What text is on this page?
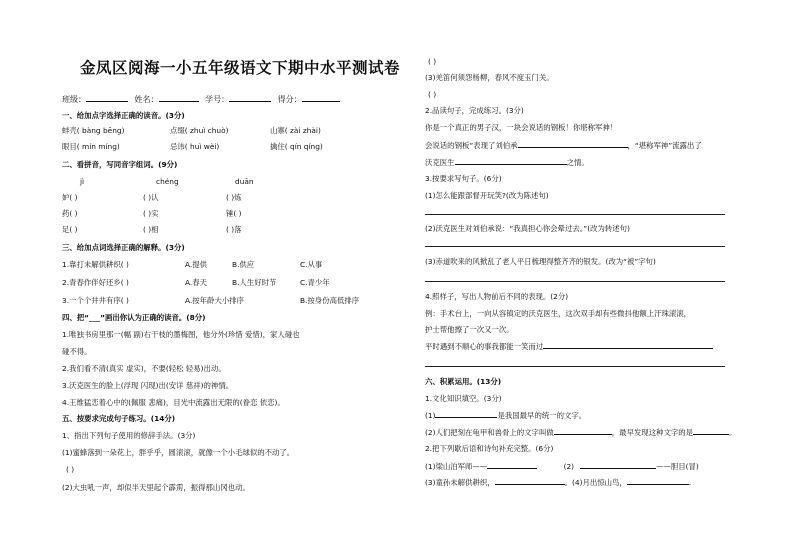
金凤区阅海一小五年级语文下期中水平测试卷
班级：	姓名：	学号：	得分：
一、给加点字选择正确的读音。(3分)
蚌壳( bàng bēng)	点缀( zhuì chuò)	山寨( zài zhài)
眼目( mín míng)	忌讳( huì wèi)	擒住( qín qíng)
二、看拼音，写同音字组词。(9分)
jì	chéng	duān
妒( )	( )认	( )炼
药( )	( )实	锤( )
足( )	( )相	( )落
三、给加点词选择正确的解释。(3分)
1.靠打未解供耕织( )	A.提供	B.供应	C.从事
2.青春作伴好还乡( )	A.春天	B.人生好时节	C.青少年
3.一个个井井有序( )	A.按年龄大小排序	B.按身份高低排序
四、把“___”画出你认为正确的读音。(8分)
1.唯独书房里那一(幅 副)右干枝的墨梅图，他分外(珍惜 爱惜)，家人碰也
碰不得。
2.我们看不清(真实 虚实)，不要(轻松 轻易)出动。
3.沃克医生的脸上(浮现 闪现)出(安详 慈祥)的神情。
4.王维猛恋着心中的(佩服 悲痛)，目光中流露出无限的(眷恋 依恋)。
五、按要求完成句子练习。(14分)
1、指出下列句子使用的修辞手法。(3分)
(1)蜜蜂落到一朵花上，胖乎乎，圆滚滚，就像一个小毛球似的不动了。
( )
(2)大虫吼一声，却似半天里起个霹雳，振得那山冈也动。
( )
(3)羌笛何须怨杨柳，春风不度玉门关。
( )
2.品读句子，完成练习。(3分)
你是一个真正的男子汉，一块会说话的钢板！你堪称军神！
会说话的钢板”表现了刘伯承	，“堪称军神”流露出了
沃克医生	之情。
3.按要求写句子。(6分)
(1)怎么能跟部督开玩笑?(改为陈述句)
(2)沃克医生对刘伯承说：“我真担心你会晕过去。”(改为转述句)
(3)赤道吹来的风掀乱了老人平日梳理得整齐齐的银发。(改为“被”字句)
4.照样子，写出人物前后不同的表现。(2分)
例：手术台上，一向从容镇定的沃克医生，这次双手却有些微抖他额上汗珠滚滚，
护士帮他擦了一次又一次。
平时遇到不顺心的事我都能一笑而过
六、积累运用。(13分)
1.文化知识填空。(3分)
(1)	是我国最早的统一的文字。
(2)人们把刻在龟甲和兽骨上的文字叫做	，最早发现这种文字的是	。
2.把下列歇后语和诗句补充完整。(6分)
(1)梁山泊军师——	(2)	——胆目(冒)
(3)童孙未解供耕织，	。(4)月出惊山鸟，	.
